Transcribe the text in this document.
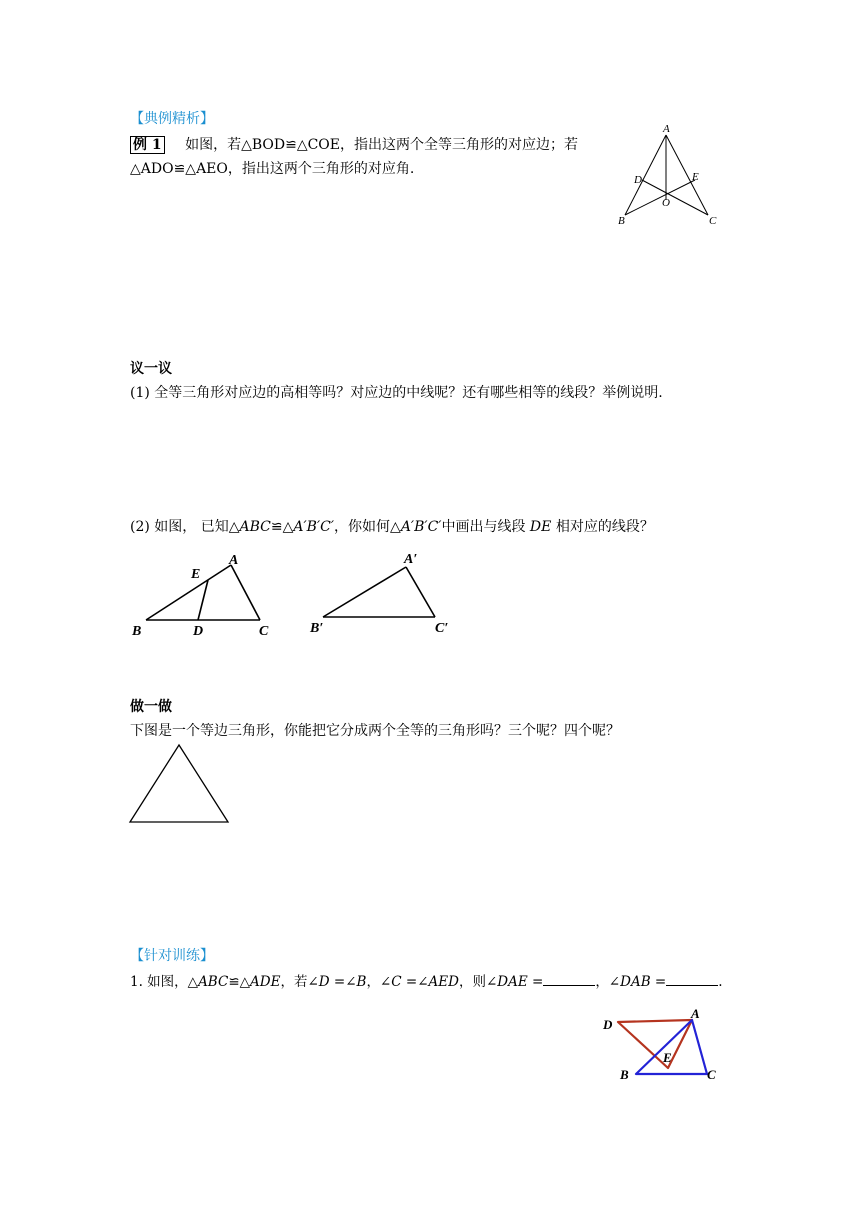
【典例精析】
例 1 如图，若△BOD≌△COE，指出这两个全等三角形的对应边；若
△ADO≌△AEO，指出这两个三角形的对应角.
A
B	C
D	E
O
议一议
(1) 全等三角形对应边的高相等吗？对应边的中线呢？还有哪些相等的线段？举例说明.
(2) 如图， 已知△ABC≌△A′B′C′，你如何△A′B′C′中画出与线段 DE 相对应的线段？
A
B	C
D
E
A′
B′	C′
做一做
下图是一个等边三角形，你能把它分成两个全等的三角形吗？三个呢？四个呢？
【针对训练】
1. 如图，△ABC≌△ADE，若∠D =∠B，∠C =∠AED，则∠DAE =	，∠DAB =	.
A
B	C
D
E
